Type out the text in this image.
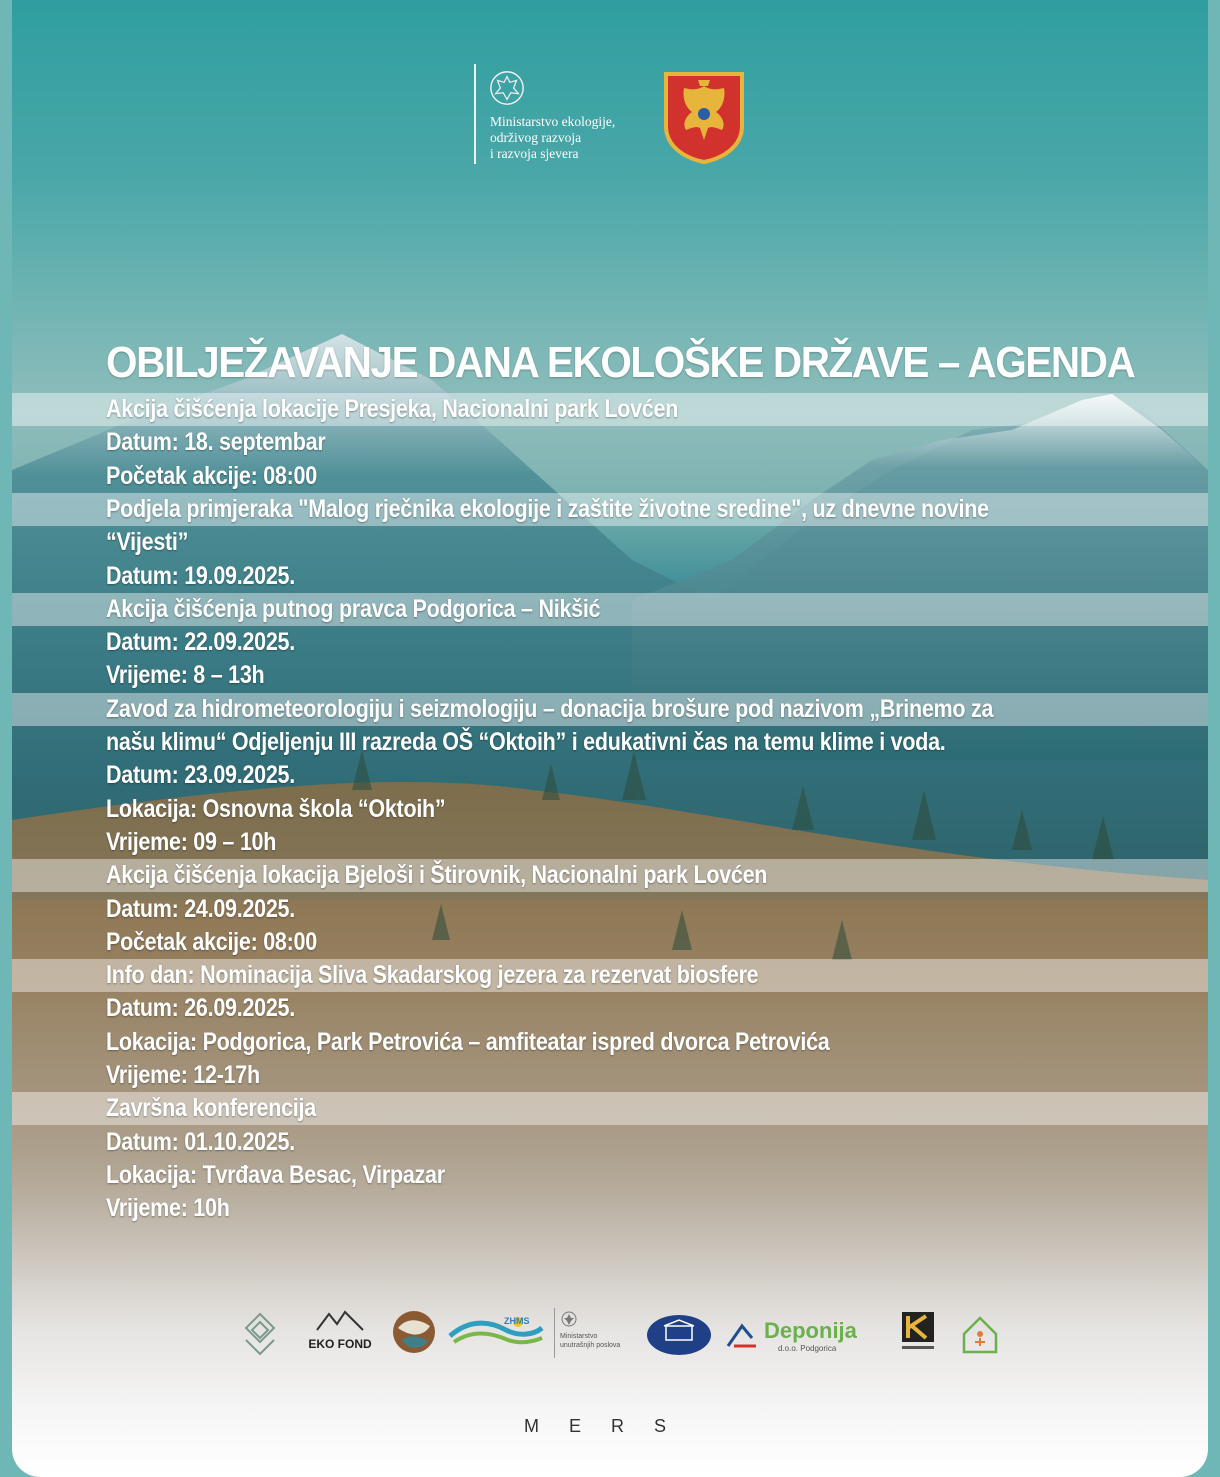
Ministarstvo ekologije,
održivog razvoja
i razvoja sjevera
OBILJEŽAVANJE DANA EKOLOŠKE DRŽAVE – AGENDA
Akcija čišćenja lokacije Presjeka, Nacionalni park Lovćen
Datum: 18. septembar
Početak akcije: 08:00
Podjela primjeraka "Malog rječnika ekologije i zaštite životne sredine", uz dnevne novine
“Vijesti”
Datum: 19.09.2025.
Akcija čišćenja putnog pravca Podgorica – Nikšić
Datum: 22.09.2025.
Vrijeme: 8 – 13h
Zavod za hidrometeorologiju i seizmologiju – donacija brošure pod nazivom „Brinemo za
našu klimu“ Odjeljenju III razreda OŠ “Oktoih” i edukativni čas na temu klime i voda.
Datum: 23.09.2025.
Lokacija: Osnovna škola “Oktoih”
Vrijeme: 09 – 10h
Akcija čišćenja lokacija Bjeloši i Štirovnik, Nacionalni park Lovćen
Datum: 24.09.2025.
Početak akcije: 08:00
Info dan: Nominacija Sliva Skadarskog jezera za rezervat biosfere
Datum: 26.09.2025.
Lokacija: Podgorica, Park Petrovića – amfiteatar ispred dvorca Petrovića
Vrijeme: 12-17h
Završna konferencija
Datum: 01.10.2025.
Lokacija: Tvrđava Besac, Virpazar
Vrijeme: 10h
EKO FOND
ZHMS
Ministarstvo
unutrašnjih poslova
Deponija
d.o.o. Podgorica
MERS
